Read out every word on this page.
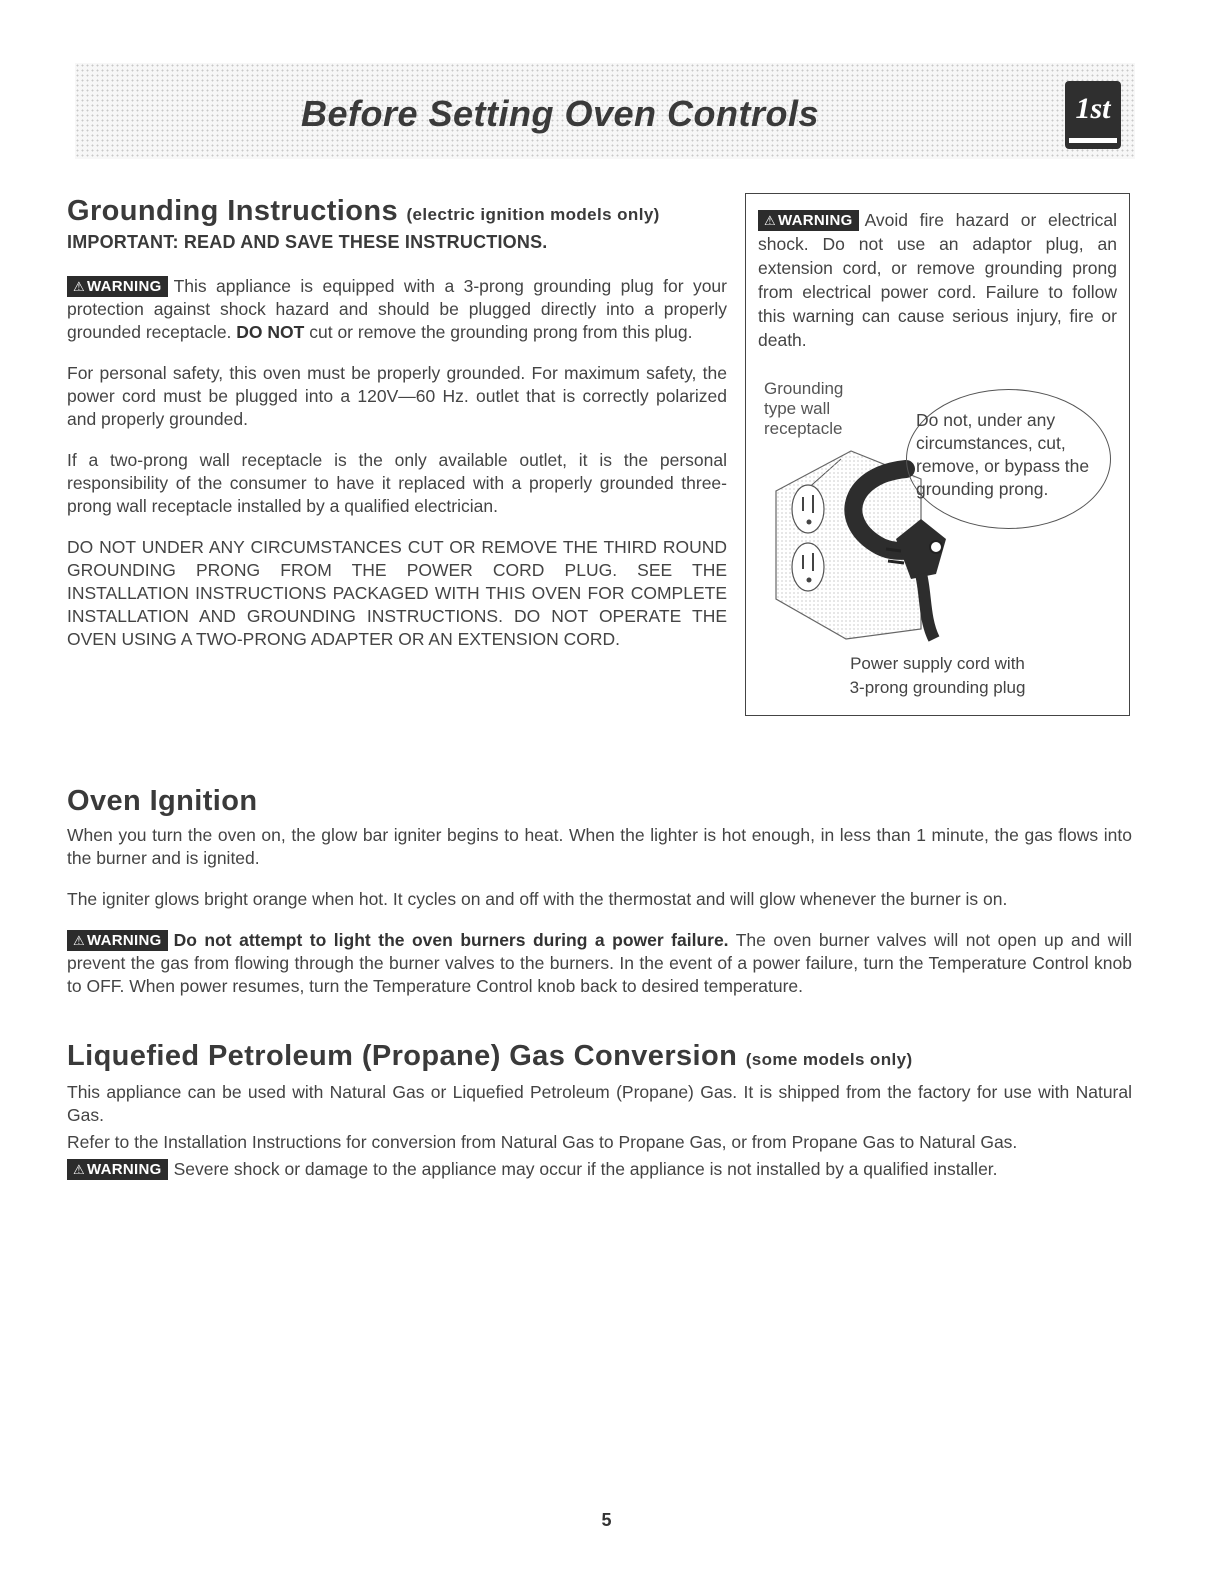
Before Setting Oven Controls	1st
Grounding Instructions (electric ignition models only)
IMPORTANT: READ AND SAVE THESE INSTRUCTIONS.

⚠ WARNING This appliance is equipped with a 3-prong grounding plug for your protection against shock hazard and should be plugged directly into a properly grounded receptacle. DO NOT cut or remove the grounding prong from this plug.

For personal safety, this oven must be properly grounded. For maximum safety, the power cord must be plugged into a 120V—60 Hz. outlet that is correctly polarized and properly grounded.

If a two-prong wall receptacle is the only available outlet, it is the personal responsibility of the consumer to have it replaced with a properly grounded three-prong wall receptacle installed by a qualified electrician.

DO NOT UNDER ANY CIRCUMSTANCES CUT OR REMOVE THE THIRD ROUND GROUNDING PRONG FROM THE POWER CORD PLUG. SEE THE INSTALLATION INSTRUCTIONS PACKAGED WITH THIS OVEN FOR COMPLETE INSTALLATION AND GROUNDING INSTRUCTIONS. DO NOT OPERATE THE OVEN USING A TWO-PRONG ADAPTER OR AN EXTENSION CORD.

⚠ WARNING Avoid fire hazard or electrical shock. Do not use an adaptor plug, an extension cord, or remove grounding prong from electrical power cord. Failure to follow this warning can cause serious injury, fire or death.

Grounding
type wall
receptacle	Do not, under any circumstances, cut, remove, or bypass the grounding prong.
Power supply cord with
3-prong grounding plug
Oven Ignition

When you turn the oven on, the glow bar igniter begins to heat. When the lighter is hot enough, in less than 1 minute, the gas flows into the burner and is ignited.

The igniter glows bright orange when hot. It cycles on and off with the thermostat and will glow whenever the burner is on.

⚠ WARNING Do not attempt to light the oven burners during a power failure. The oven burner valves will not open up and will prevent the gas from flowing through the burner valves to the burners. In the event of a power failure, turn the Temperature Control knob to OFF. When power resumes, turn the Temperature Control knob back to desired temperature.

Liquefied Petroleum (Propane) Gas Conversion (some models only)

This appliance can be used with Natural Gas or Liquefied Petroleum (Propane) Gas. It is shipped from the factory for use with Natural Gas.

Refer to the Installation Instructions for conversion from Natural Gas to Propane Gas, or from Propane Gas to Natural Gas.

⚠ WARNING Severe shock or damage to the appliance may occur if the appliance is not installed by a qualified installer.

5
